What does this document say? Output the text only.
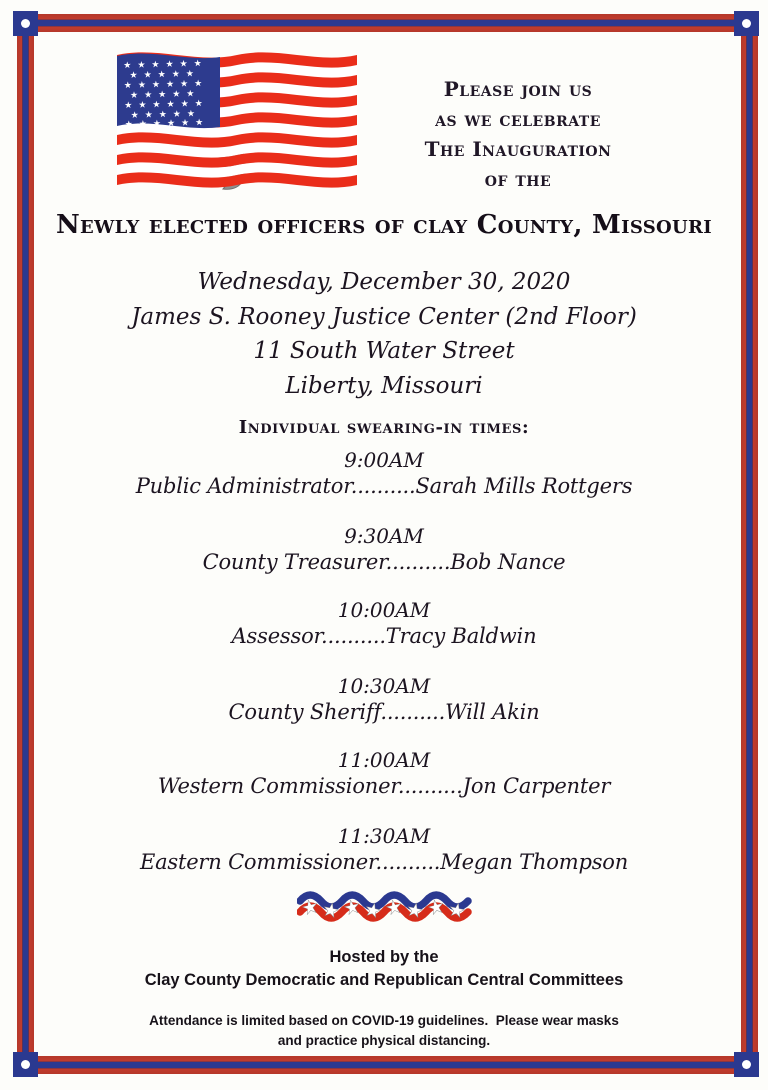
★★★★★★
★★★★★
★★★★★★
★★★★★
★★★★★★
★★★★★
★★★★★★
Please join us
as we celebrate
The Inauguration
of the
Newly elected officers of clay County, Missouri
Wednesday, December 30, 2020
James S. Rooney Justice Center (2nd Floor)
11 South Water Street
Liberty, Missouri
Individual swearing-in times:
9:00AM
Public Administrator..........Sarah Mills Rottgers
9:30AM
County Treasurer..........Bob Nance
10:00AM
Assessor..........Tracy Baldwin
10:30AM
County Sheriff..........Will Akin
11:00AM
Western Commissioner..........Jon Carpenter
11:30AM
Eastern Commissioner..........Megan Thompson
★ ★ ★ ★ ★ ★ ★ ★
Hosted by the
Clay County Democratic and Republican Central Committees
Attendance is limited based on COVID-19 guidelines.  Please wear masks
and practice physical distancing.
